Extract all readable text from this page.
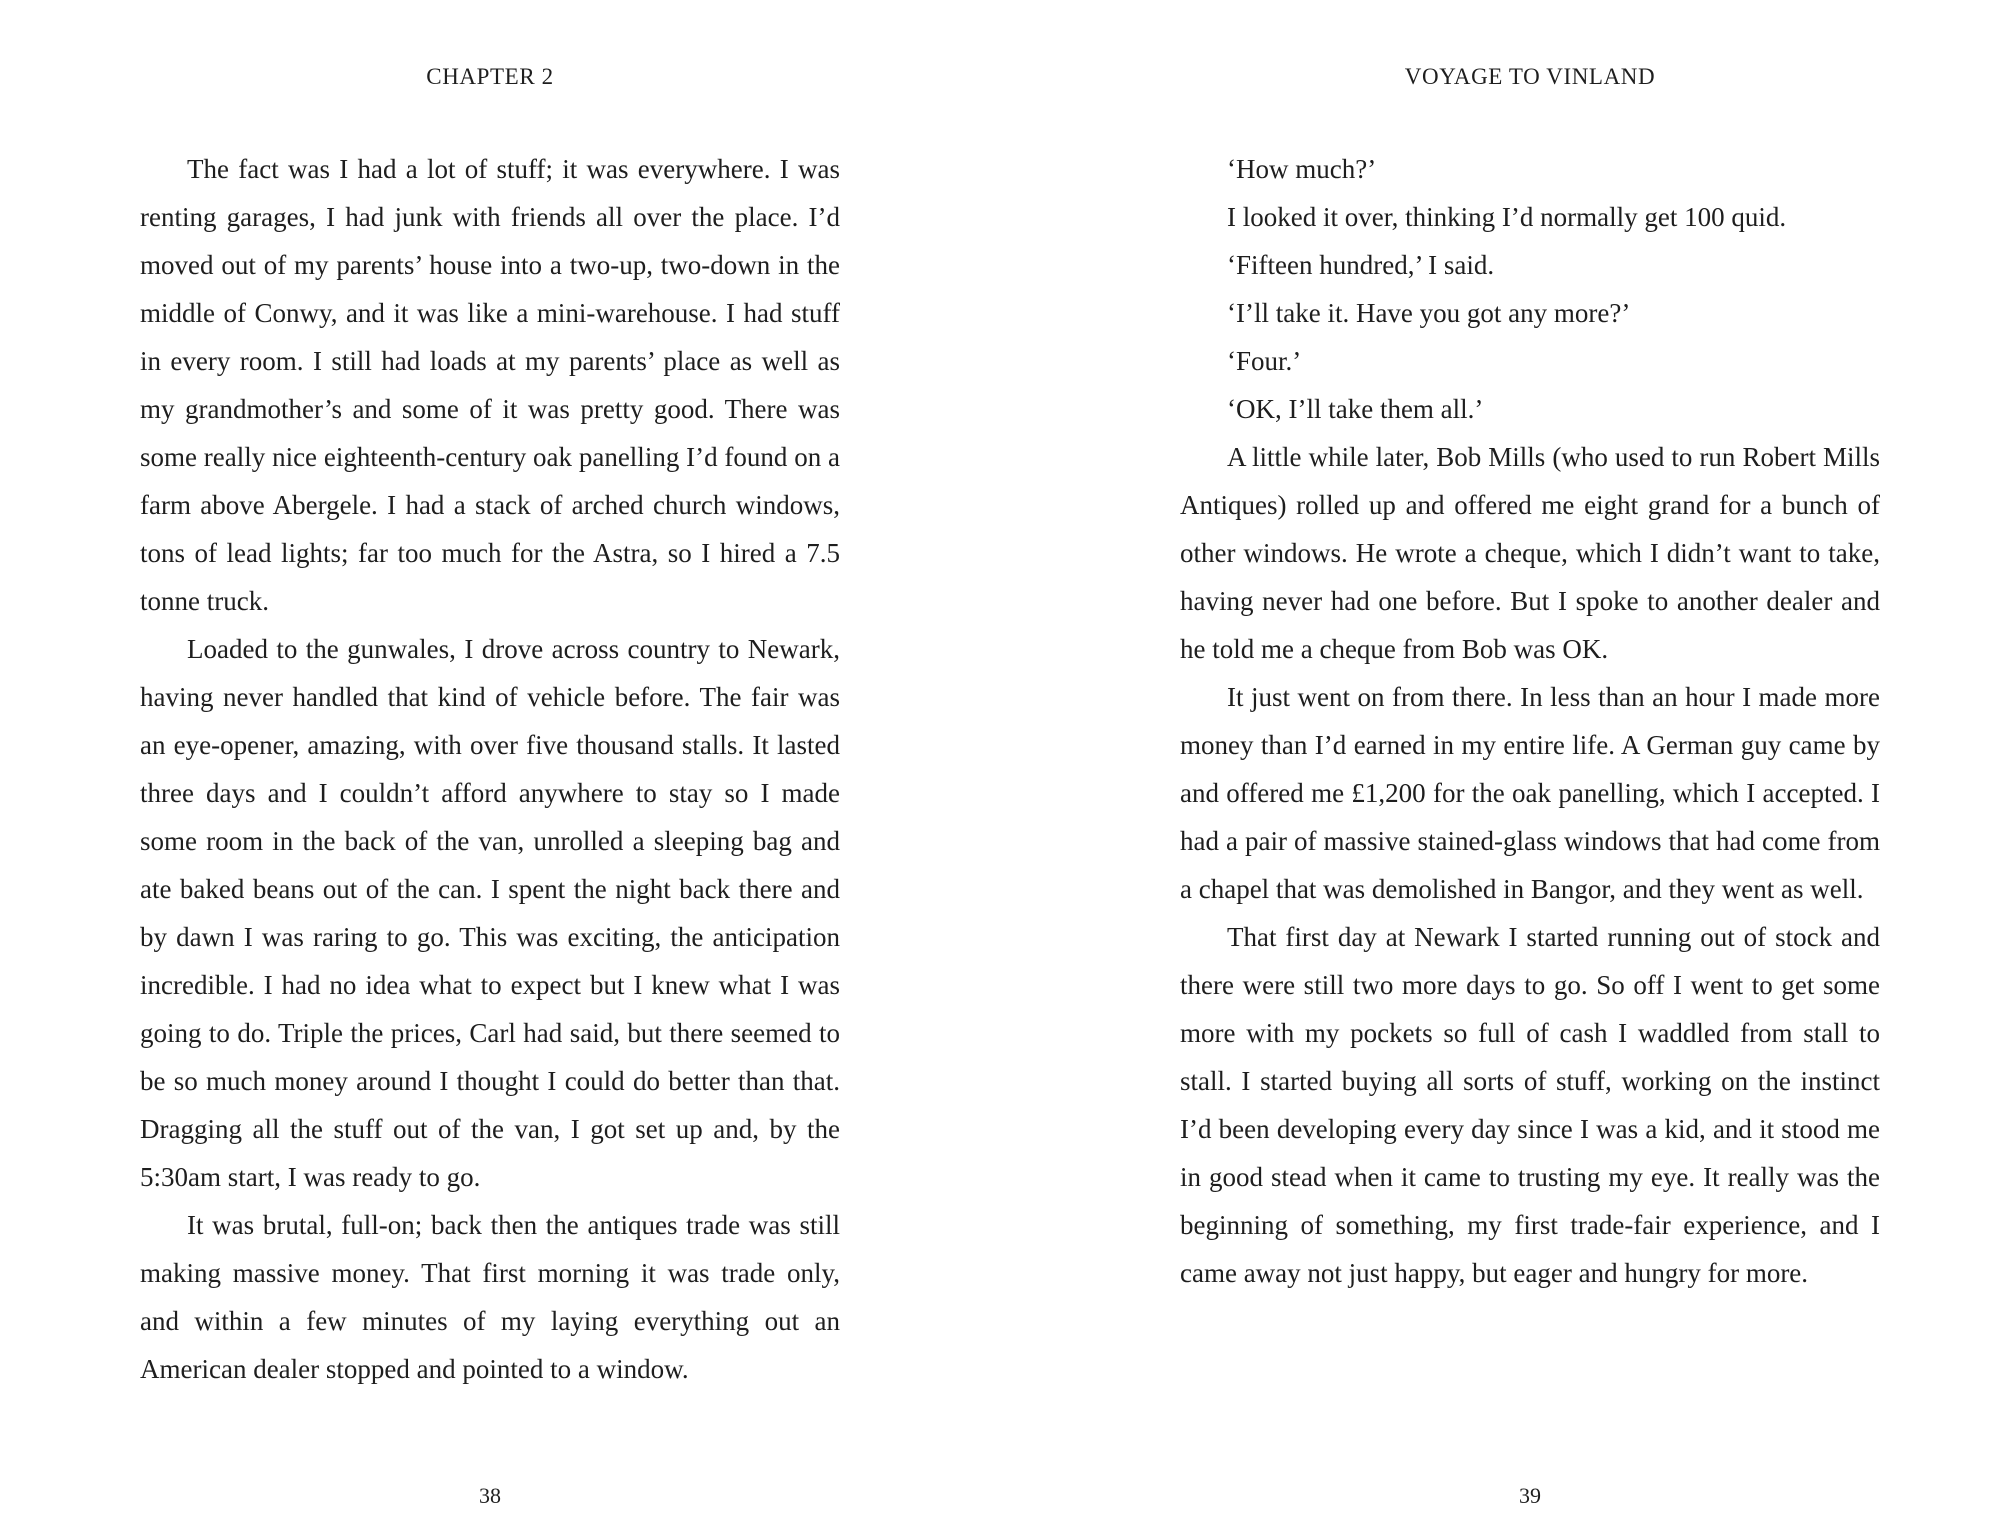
CHAPTER 2

The fact was I had a lot of stuff; it was everywhere. I was renting garages, I had junk with friends all over the place. I’d moved out of my parents’ house into a two-up, two-down in the middle of Conwy, and it was like a mini-warehouse. I had stuff in every room. I still had loads at my parents’ place as well as my grandmother’s and some of it was pretty good. There was some really nice eighteenth-century oak panelling I’d found on a farm above Abergele. I had a stack of arched church windows, tons of lead lights; far too much for the Astra, so I hired a 7.5 tonne truck.

Loaded to the gunwales, I drove across country to Newark, having never handled that kind of vehicle before. The fair was an eye-opener, amazing, with over five thousand stalls. It lasted three days and I couldn’t afford anywhere to stay so I made some room in the back of the van, unrolled a sleeping bag and ate baked beans out of the can. I spent the night back there and by dawn I was raring to go. This was exciting, the anticipation incredible. I had no idea what to expect but I knew what I was going to do. Triple the prices, Carl had said, but there seemed to be so much money around I thought I could do better than that. Dragging all the stuff out of the van, I got set up and, by the 5:30am start, I was ready to go.

It was brutal, full-on; back then the antiques trade was still making massive money. That first morning it was trade only, and within a few minutes of my laying everything out an American dealer stopped and pointed to a window.

38
VOYAGE TO VINLAND

‘How much?’

I looked it over, thinking I’d normally get 100 quid.

‘Fifteen hundred,’ I said.

‘I’ll take it. Have you got any more?’

‘Four.’

‘OK, I’ll take them all.’

A little while later, Bob Mills (who used to run Robert Mills Antiques) rolled up and offered me eight grand for a bunch of other windows. He wrote a cheque, which I didn’t want to take, having never had one before. But I spoke to another dealer and he told me a cheque from Bob was OK.

It just went on from there. In less than an hour I made more money than I’d earned in my entire life. A German guy came by and offered me £1,200 for the oak panelling, which I accepted. I had a pair of massive stained-glass windows that had come from a chapel that was demolished in Bangor, and they went as well.

That first day at Newark I started running out of stock and there were still two more days to go. So off I went to get some more with my pockets so full of cash I waddled from stall to stall. I started buying all sorts of stuff, working on the instinct I’d been developing every day since I was a kid, and it stood me in good stead when it came to trusting my eye. It really was the beginning of something, my first trade-fair experience, and I came away not just happy, but eager and hungry for more.

39
